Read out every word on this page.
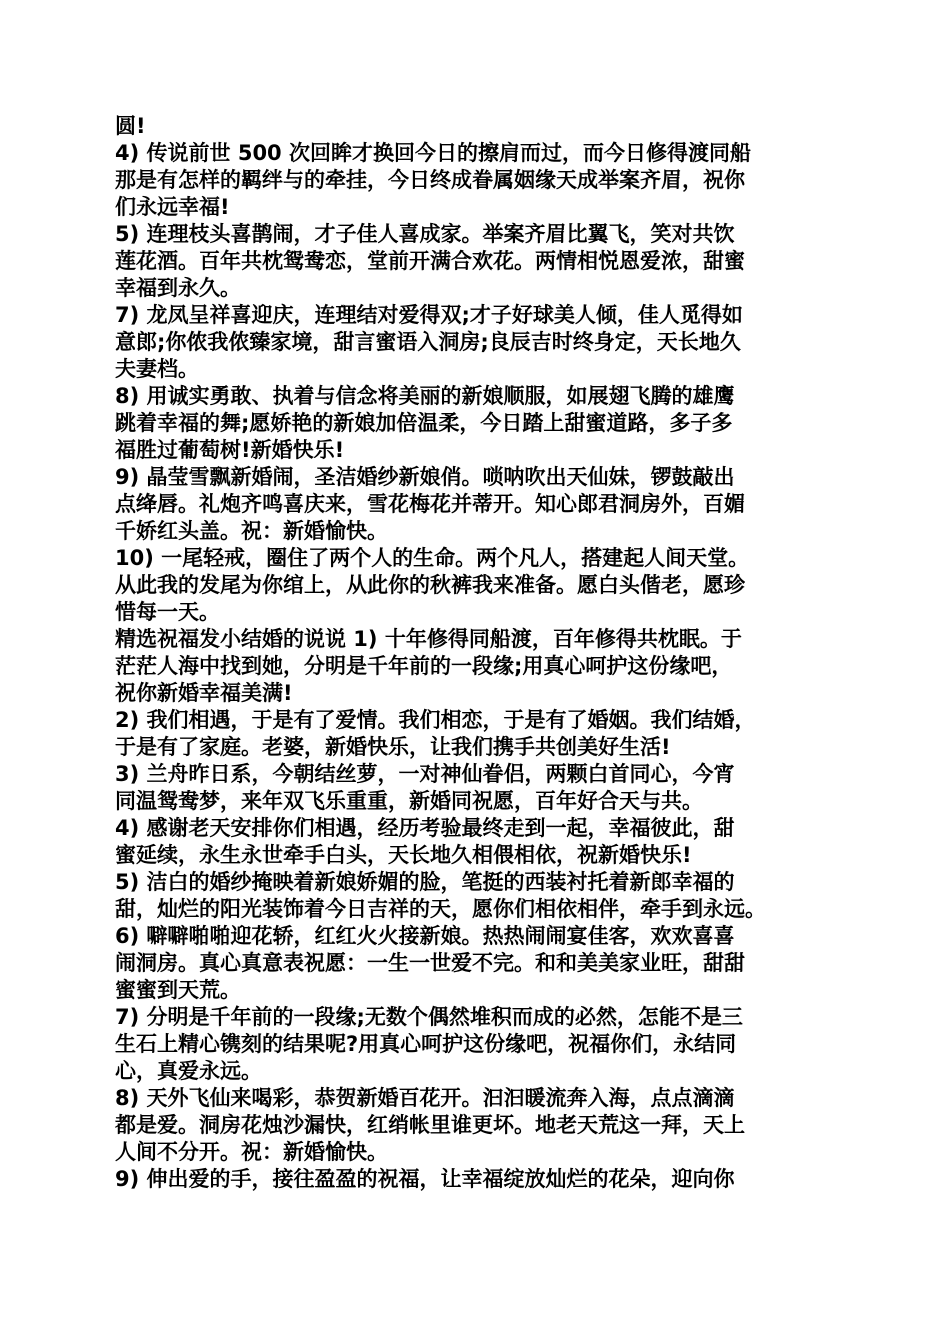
圆!
4) 传说前世 500 次回眸才换回今日的擦肩而过，而今日修得渡同船
那是有怎样的羁绊与的牵挂，今日终成眷属姻缘天成举案齐眉，祝你
们永远幸福!
5) 连理枝头喜鹊闹，才子佳人喜成家。举案齐眉比翼飞，笑对共饮
莲花酒。百年共枕鸳鸯恋，堂前开满合欢花。两情相悦恩爱浓，甜蜜
幸福到永久。
7) 龙凤呈祥喜迎庆，连理结对爱得双;才子好球美人倾，佳人觅得如
意郎;你侬我侬臻家境，甜言蜜语入洞房;良辰吉时终身定，天长地久
夫妻档。
8) 用诚实勇敢、执着与信念将美丽的新娘顺服，如展翅飞腾的雄鹰
跳着幸福的舞;愿娇艳的新娘加倍温柔，今日踏上甜蜜道路，多子多
福胜过葡萄树!新婚快乐!
9) 晶莹雪飘新婚闹，圣洁婚纱新娘俏。唢呐吹出天仙妹，锣鼓敲出
点绛唇。礼炮齐鸣喜庆来，雪花梅花并蒂开。知心郎君洞房外，百媚
千娇红头盖。祝：新婚愉快。
10) 一尾轻戒，圈住了两个人的生命。两个凡人，搭建起人间天堂。
从此我的发尾为你绾上，从此你的秋裤我来准备。愿白头偕老，愿珍
惜每一天。
精选祝福发小结婚的说说 1) 十年修得同船渡，百年修得共枕眠。于
茫茫人海中找到她，分明是千年前的一段缘;用真心呵护这份缘吧，
祝你新婚幸福美满!
2) 我们相遇，于是有了爱情。我们相恋，于是有了婚姻。我们结婚，
于是有了家庭。老婆，新婚快乐，让我们携手共创美好生活!
3) 兰舟昨日系，今朝结丝萝，一对神仙眷侣，两颗白首同心，今宵
同温鸳鸯梦，来年双飞乐重重，新婚同祝愿，百年好合天与共。
4) 感谢老天安排你们相遇，经历考验最终走到一起，幸福彼此，甜
蜜延续，永生永世牵手白头，天长地久相偎相依，祝新婚快乐!
5) 洁白的婚纱掩映着新娘娇媚的脸，笔挺的西装衬托着新郎幸福的
甜，灿烂的阳光装饰着今日吉祥的天，愿你们相依相伴，牵手到永远。
6) 噼噼啪啪迎花轿，红红火火接新娘。热热闹闹宴佳客，欢欢喜喜
闹洞房。真心真意表祝愿：一生一世爱不完。和和美美家业旺，甜甜
蜜蜜到天荒。
7) 分明是千年前的一段缘;无数个偶然堆积而成的必然，怎能不是三
生石上精心镌刻的结果呢?用真心呵护这份缘吧，祝福你们，永结同
心，真爱永远。
8) 天外飞仙来喝彩，恭贺新婚百花开。汩汩暖流奔入海，点点滴滴
都是爱。洞房花烛沙漏快，红绡帐里谁更坏。地老天荒这一拜，天上
人间不分开。祝：新婚愉快。
9) 伸出爱的手，接往盈盈的祝福，让幸福绽放灿烂的花朵，迎向你
